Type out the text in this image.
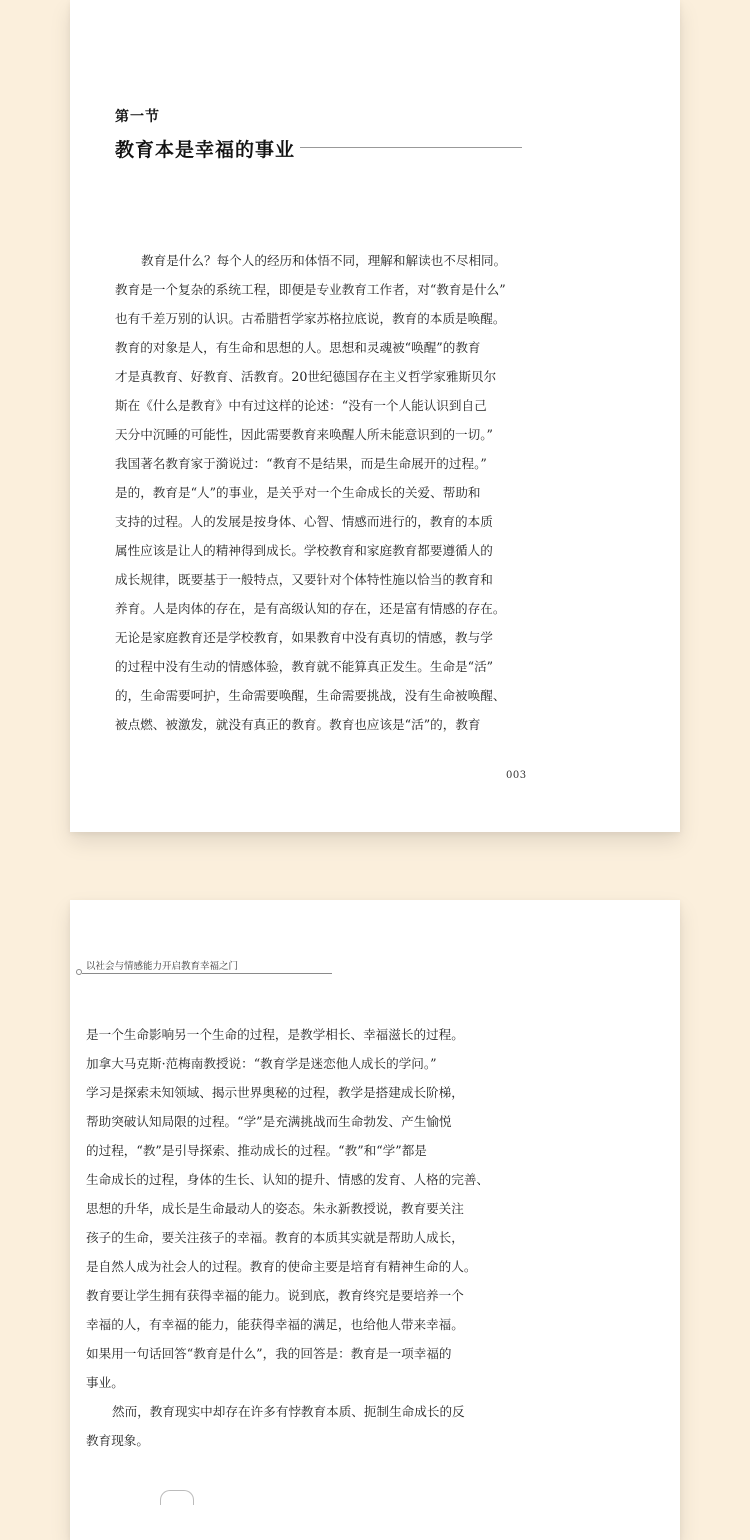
第一节
教育本是幸福的事业
教育是什么？每个人的经历和体悟不同，理解和解读也不尽相同。
教育是一个复杂的系统工程，即便是专业教育工作者，对“教育是什么”
也有千差万别的认识。古希腊哲学家苏格拉底说，教育的本质是唤醒。
教育的对象是人，有生命和思想的人。思想和灵魂被“唤醒”的教育
才是真教育、好教育、活教育。20世纪德国存在主义哲学家雅斯贝尔
斯在《什么是教育》中有过这样的论述：“没有一个人能认识到自己
天分中沉睡的可能性，因此需要教育来唤醒人所未能意识到的一切。”
我国著名教育家于漪说过：“教育不是结果，而是生命展开的过程。”
是的，教育是“人”的事业，是关乎对一个生命成长的关爱、帮助和
支持的过程。人的发展是按身体、心智、情感而进行的，教育的本质
属性应该是让人的精神得到成长。学校教育和家庭教育都要遵循人的
成长规律，既要基于一般特点，又要针对个体特性施以恰当的教育和
养育。人是肉体的存在，是有高级认知的存在，还是富有情感的存在。
无论是家庭教育还是学校教育，如果教育中没有真切的情感，教与学
的过程中没有生动的情感体验，教育就不能算真正发生。生命是“活”
的，生命需要呵护，生命需要唤醒，生命需要挑战，没有生命被唤醒、
被点燃、被激发，就没有真正的教育。教育也应该是“活”的，教育
003
以社会与情感能力开启教育幸福之门
是一个生命影响另一个生命的过程，是教学相长、幸福滋长的过程。
加拿大马克斯·范梅南教授说：“教育学是迷恋他人成长的学问。”
学习是探索未知领域、揭示世界奥秘的过程，教学是搭建成长阶梯，
帮助突破认知局限的过程。“学”是充满挑战而生命勃发、产生愉悦
的过程，“教”是引导探索、推动成长的过程。“教”和“学”都是
生命成长的过程，身体的生长、认知的提升、情感的发育、人格的完善、
思想的升华，成长是生命最动人的姿态。朱永新教授说，教育要关注
孩子的生命，要关注孩子的幸福。教育的本质其实就是帮助人成长，
是自然人成为社会人的过程。教育的使命主要是培育有精神生命的人。
教育要让学生拥有获得幸福的能力。说到底，教育终究是要培养一个
幸福的人，有幸福的能力，能获得幸福的满足，也给他人带来幸福。
如果用一句话回答“教育是什么”，我的回答是：教育是一项幸福的
事业。
然而，教育现实中却存在许多有悖教育本质、扼制生命成长的反
教育现象。
